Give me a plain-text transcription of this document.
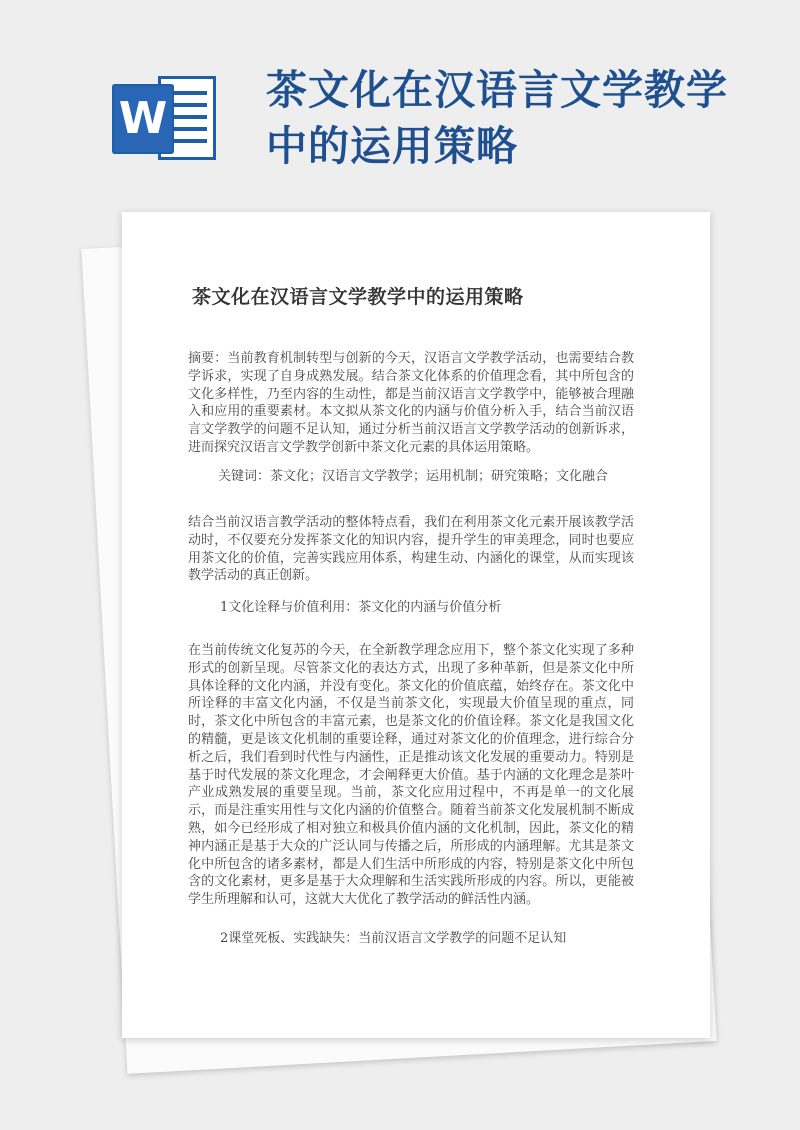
W
茶文化在汉语言文学教学中的运用策略
茶文化在汉语言文学教学中的运用策略

摘要：当前教育机制转型与创新的今天，汉语言文学教学活动，也需要结合教学诉求，实现了自身成熟发展。结合茶文化体系的价值理念看，其中所包含的文化多样性，乃至内容的生动性，都是当前汉语言文学教学中，能够被合理融入和应用的重要素材。本文拟从茶文化的内涵与价值分析入手，结合当前汉语言文学教学的问题不足认知，通过分析当前汉语言文学教学活动的创新诉求，进而探究汉语言文学教学创新中茶文化元素的具体运用策略。

关键词：茶文化；汉语言文学教学；运用机制；研究策略；文化融合

结合当前汉语言教学活动的整体特点看，我们在利用茶文化元素开展该教学活动时，不仅要充分发挥茶文化的知识内容，提升学生的审美理念，同时也要应用茶文化的价值，完善实践应用体系，构建生动、内涵化的课堂，从而实现该教学活动的真正创新。

1文化诠释与价值利用：茶文化的内涵与价值分析

在当前传统文化复苏的今天，在全新教学理念应用下，整个茶文化实现了多种形式的创新呈现。尽管茶文化的表达方式，出现了多种革新，但是茶文化中所具体诠释的文化内涵，并没有变化。茶文化的价值底蕴，始终存在。茶文化中所诠释的丰富文化内涵，不仅是当前茶文化，实现最大价值呈现的重点，同时，茶文化中所包含的丰富元素，也是茶文化的价值诠释。茶文化是我国文化的精髓，更是该文化机制的重要诠释，通过对茶文化的价值理念，进行综合分析之后，我们看到时代性与内涵性，正是推动该文化发展的重要动力。特别是基于时代发展的茶文化理念，才会阐释更大价值。基于内涵的文化理念是茶叶产业成熟发展的重要呈现。当前，茶文化应用过程中，不再是单一的文化展示，而是注重实用性与文化内涵的价值整合。随着当前茶文化发展机制不断成熟，如今已经形成了相对独立和极具价值内涵的文化机制，因此，茶文化的精神内涵正是基于大众的广泛认同与传播之后，所形成的内涵理解。尤其是茶文化中所包含的诸多素材，都是人们生活中所形成的内容，特别是茶文化中所包含的文化素材，更多是基于大众理解和生活实践所形成的内容。所以，更能被学生所理解和认可，这就大大优化了教学活动的鲜活性内涵。

2课堂死板、实践缺失：当前汉语言文学教学的问题不足认知
